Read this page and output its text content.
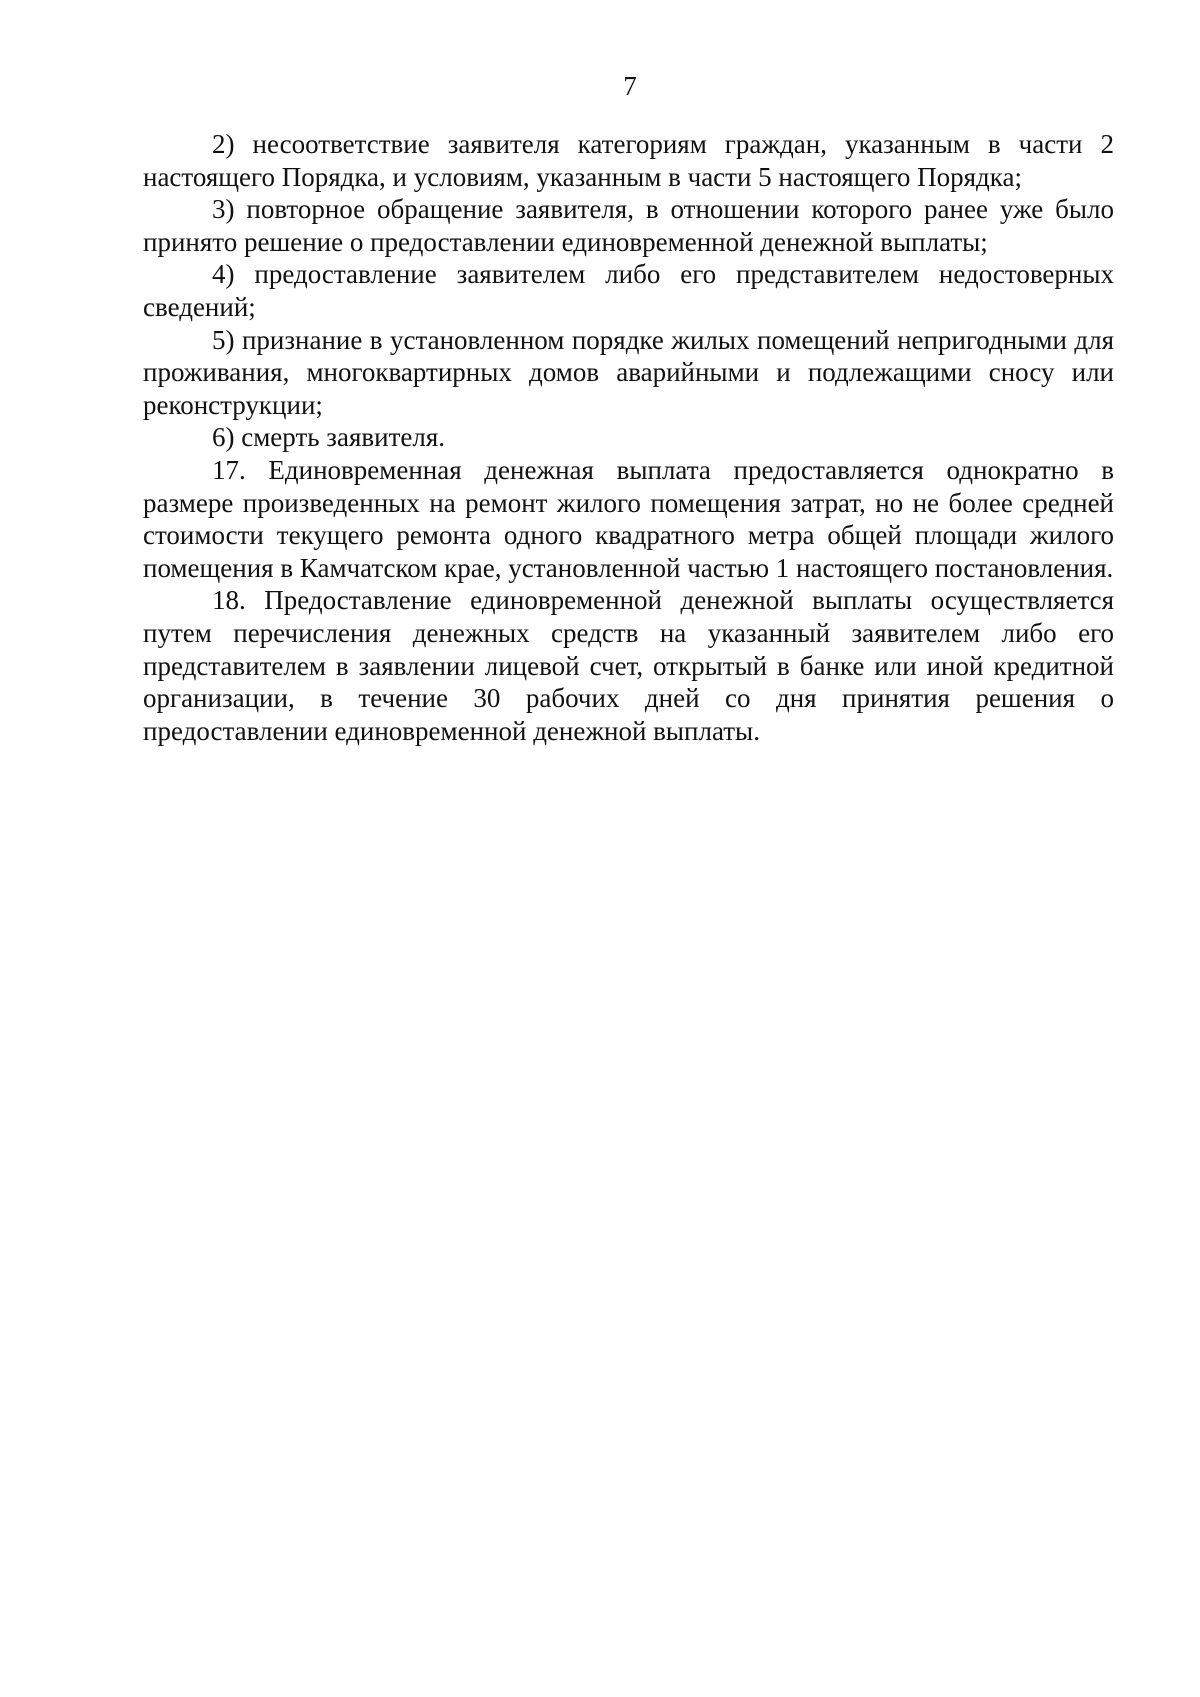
7

2) несоответствие заявителя категориям граждан, указанным в части 2 настоящего Порядка, и условиям, указанным в части 5 настоящего Порядка;

3) повторное обращение заявителя, в отношении которого ранее уже было принято решение о предоставлении единовременной денежной выплаты;

4) предоставление заявителем либо его представителем недостоверных сведений;

5) признание в установленном порядке жилых помещений непригодными для проживания, многоквартирных домов аварийными и подлежащими сносу или реконструкции;

6) смерть заявителя.

17. Единовременная денежная выплата предоставляется однократно в размере произведенных на ремонт жилого помещения затрат, но не более средней стоимости текущего ремонта одного квадратного метра общей площади жилого помещения в Камчатском крае, установленной частью 1 настоящего постановления.

18. Предоставление единовременной денежной выплаты осуществляется путем перечисления денежных средств на указанный заявителем либо его представителем в заявлении лицевой счет, открытый в банке или иной кредитной организации, в течение 30 рабочих дней со дня принятия решения о предоставлении единовременной денежной выплаты.
